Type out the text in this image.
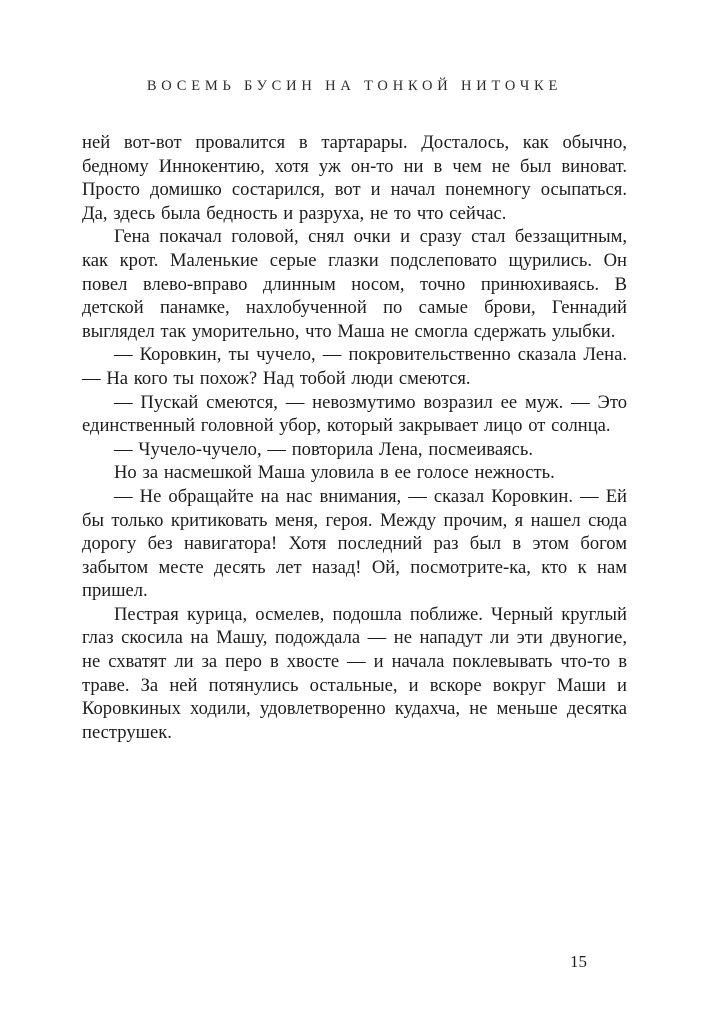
ВОСЕМЬ БУСИН НА ТОНКОЙ НИТОЧКЕ

ней вот-вот провалится в тартарары. Досталось, как обычно, бедному Иннокентию, хотя уж он-то ни в чем не был виноват. Просто домишко состарился, вот и начал понемногу осыпаться. Да, здесь была бедность и разруха, не то что сейчас.

Гена покачал головой, снял очки и сразу стал беззащитным, как крот. Маленькие серые глазки подслеповато щурились. Он повел влево-вправо длинным носом, точно принюхиваясь. В детской панамке, нахлобученной по самые брови, Геннадий выглядел так уморительно, что Маша не смогла сдержать улыбки.

— Коровкин, ты чучело, — покровительственно сказала Лена. — На кого ты похож? Над тобой люди смеются.

— Пускай смеются, — невозмутимо возразил ее муж. — Это единственный головной убор, который закрывает лицо от солнца.

— Чучело-чучело, — повторила Лена, посмеиваясь.

Но за насмешкой Маша уловила в ее голосе нежность.

— Не обращайте на нас внимания, — сказал Коровкин. — Ей бы только критиковать меня, героя. Между прочим, я нашел сюда дорогу без навигатора! Хотя последний раз был в этом богом забытом месте десять лет назад! Ой, посмотрите-ка, кто к нам пришел.

Пестрая курица, осмелев, подошла поближе. Черный круглый глаз скосила на Машу, подождала — не нападут ли эти двуногие, не схватят ли за перо в хвосте — и начала поклевывать что-то в траве. За ней потянулись остальные, и вскоре вокруг Маши и Коровкиных ходили, удовлетворенно кудахча, не меньше десятка пеструшек.

15
